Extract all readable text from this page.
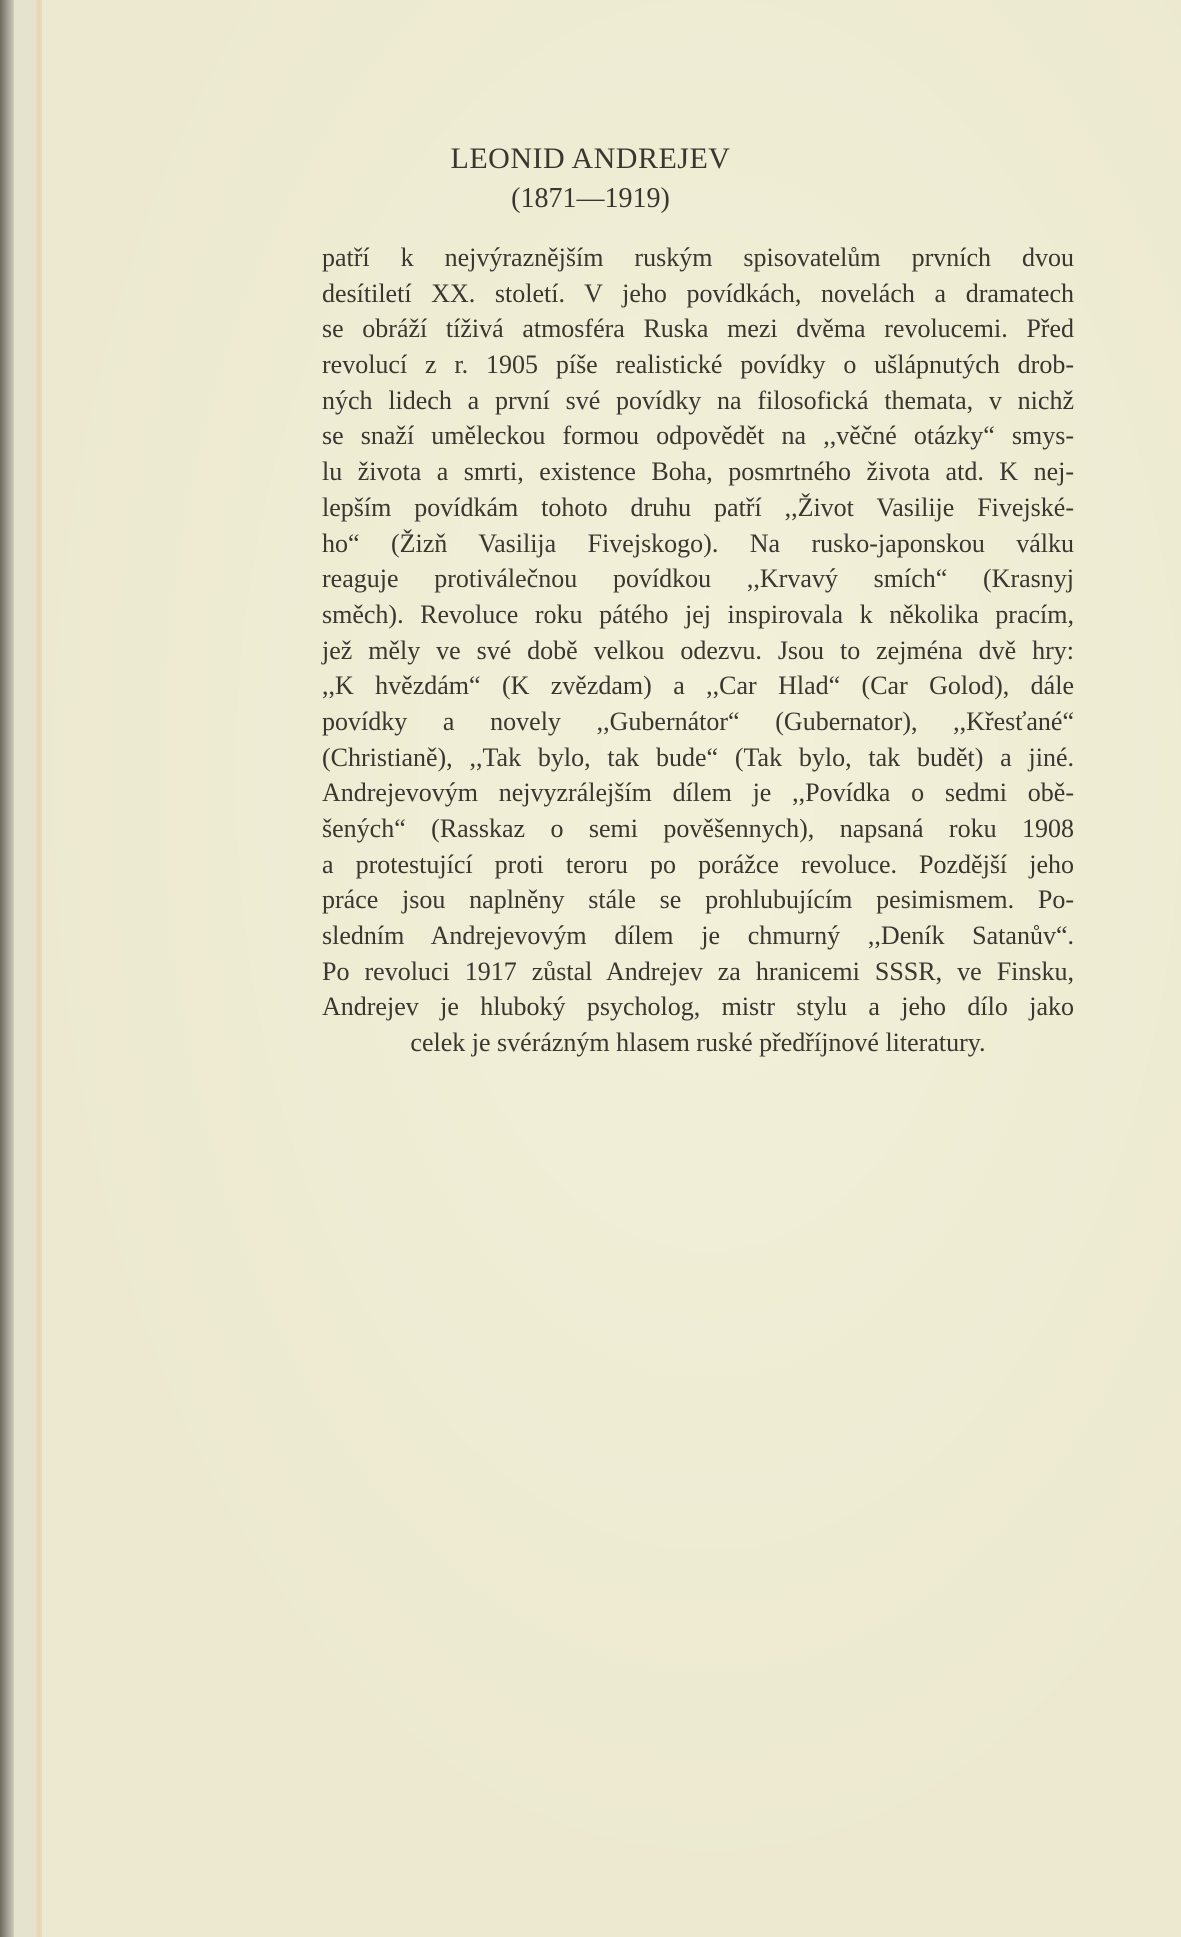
LEONID ANDREJEV
(1871—1919)
patří k nejvýraznějším ruským spisovatelům prvních dvou
desítiletí XX. století. V jeho povídkách, novelách a dramatech
se obráží tíživá atmosféra Ruska mezi dvěma revolucemi. Před
revolucí z r. 1905 píše realistické povídky o ušlápnutých drob-
ných lidech a první své povídky na filosofická themata, v nichž
se snaží uměleckou formou odpovědět na ,,věčné otázky“ smys-
lu života a smrti, existence Boha, posmrtného života atd. K nej-
lepším povídkám tohoto druhu patří ,,Život Vasilije Fivejské-
ho“ (Žizň Vasilija Fivejskogo). Na rusko-japonskou válku
reaguje protiválečnou povídkou ,,Krvavý smích“ (Krasnyj
směch). Revoluce roku pátého jej inspirovala k několika pracím,
jež měly ve své době velkou odezvu. Jsou to zejména dvě hry:
,,K hvězdám“ (K zvězdam) a ,,Car Hlad“ (Car Golod), dále
povídky a novely ,,Gubernátor“ (Gubernator), ,,Křesťané“
(Christianě), ,,Tak bylo, tak bude“ (Tak bylo, tak budět) a jiné.
Andrejevovým nejvyzrálejším dílem je ,,Povídka o sedmi obě-
šených“ (Rasskaz o semi pověšennych), napsaná roku 1908
a protestující proti teroru po porážce revoluce. Pozdější jeho
práce jsou naplněny stále se prohlubujícím pesimismem. Po-
sledním Andrejevovým dílem je chmurný ,,Deník Satanův“.
Po revoluci 1917 zůstal Andrejev za hranicemi SSSR, ve Finsku,
Andrejev je hluboký psycholog, mistr stylu a jeho dílo jako
celek je svérázným hlasem ruské předříjnové literatury.
